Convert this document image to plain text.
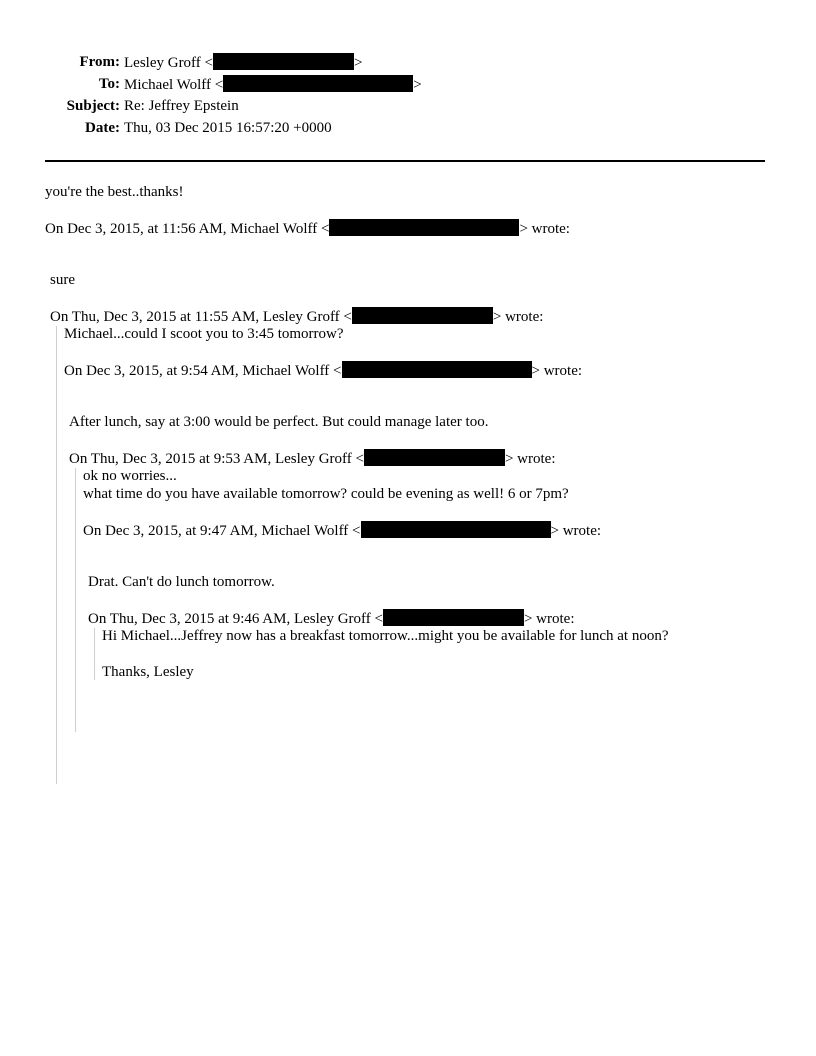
From: Lesley Groff <	>
To: Michael Wolff <	>
Subject: Re: Jeffrey Epstein
Date: Thu, 03 Dec 2015 16:57:20 +0000
you're the best..thanks!
On Dec 3, 2015, at 11:56 AM, Michael Wolff <	> wrote:
sure
On Thu, Dec 3, 2015 at 11:55 AM, Lesley Groff <	> wrote:
Michael...could I scoot you to 3:45 tomorrow?
On Dec 3, 2015, at 9:54 AM, Michael Wolff <	> wrote:
After lunch, say at 3:00 would be perfect. But could manage later too.
On Thu, Dec 3, 2015 at 9:53 AM, Lesley Groff <	> wrote:
ok no worries...
what time do you have available tomorrow? could be evening as well! 6 or 7pm?
On Dec 3, 2015, at 9:47 AM, Michael Wolff <	> wrote:
Drat. Can't do lunch tomorrow.
On Thu, Dec 3, 2015 at 9:46 AM, Lesley Groff <	> wrote:
Hi Michael...Jeffrey now has a breakfast tomorrow...might you be available for lunch at noon?
Thanks, Lesley
